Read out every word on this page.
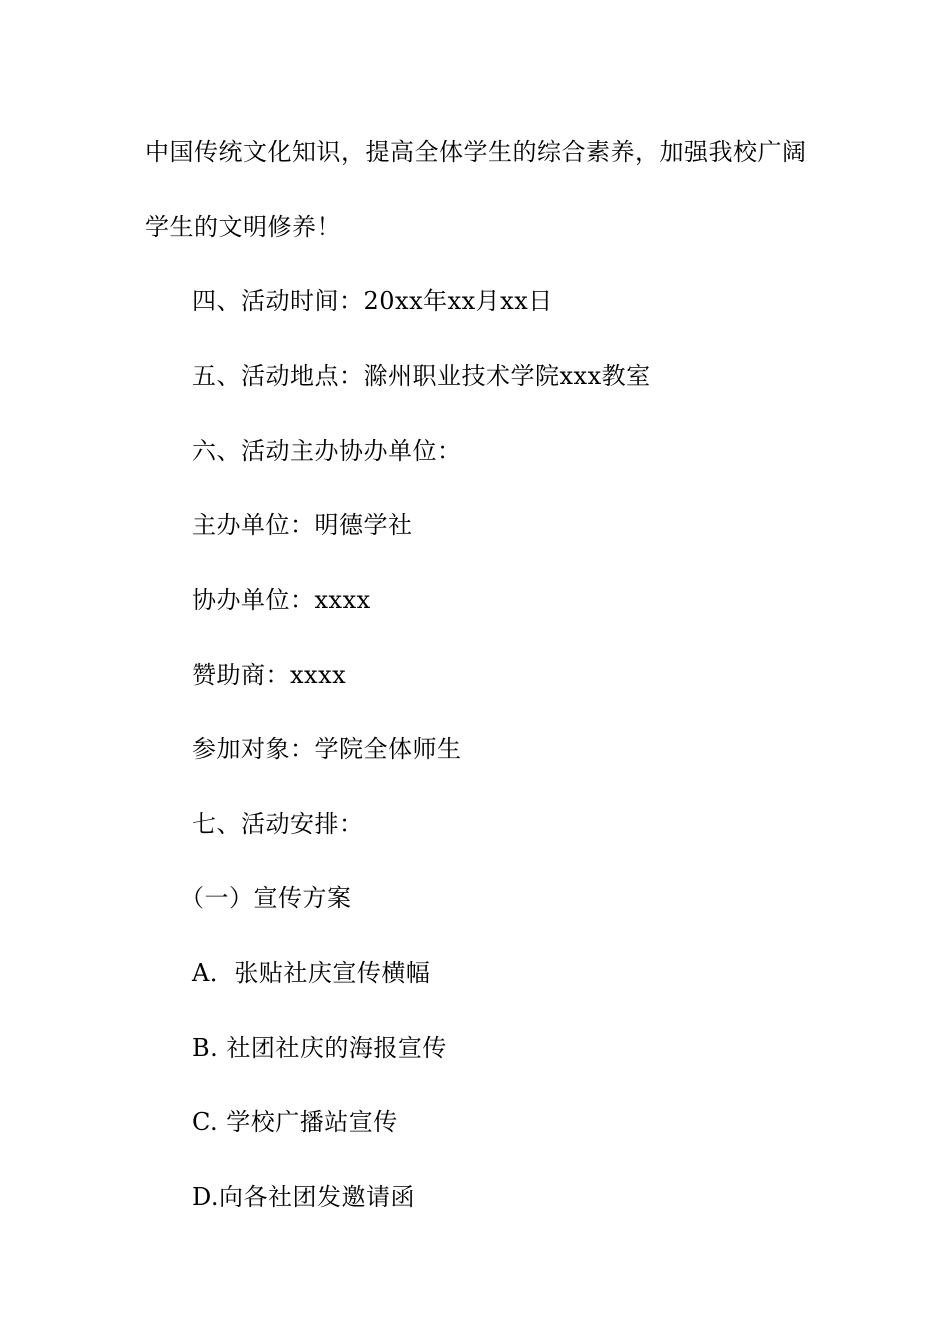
中国传统文化知识，提高全体学生的综合素养，加强我校广阔
学生的文明修养！
四、活动时间：20xx年xx月xx日
五、活动地点：滁州职业技术学院xxx教室
六、活动主办协办单位：
主办单位：明德学社
协办单位：xxxx
赞助商：xxxx
参加对象：学院全体师生
七、活动安排：
（一）宣传方案
A．张贴社庆宣传横幅
B. 社团社庆的海报宣传
C. 学校广播站宣传
D.向各社团发邀请函
